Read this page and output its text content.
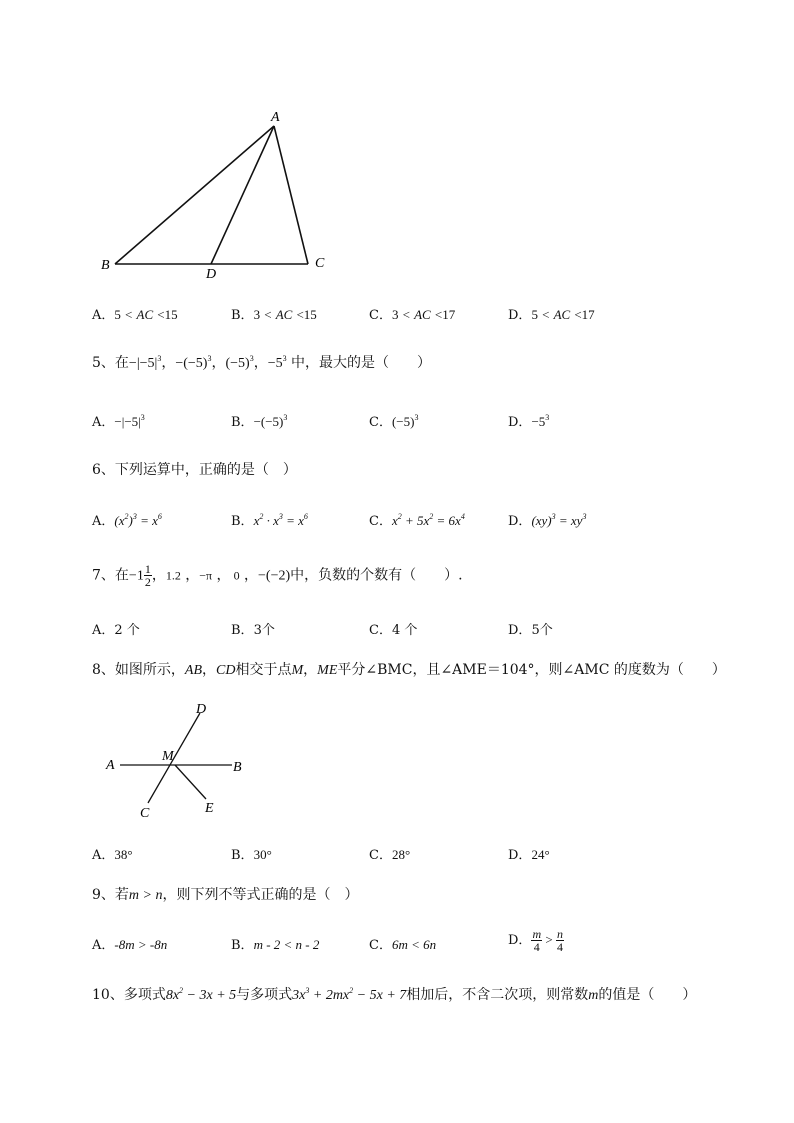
A
B	C
D
A．5 < AC <15	B．3 < AC <15	C．3 < AC <17	D．5 < AC <17
5、在$-|-5|^3$，$-(-5)^3$，$(-5)^3$，$-5^3$ 中，最大的是（　　）
A．$-|-5|^3$	B．$-(-5)^3$	C．$(-5)^3$	D．$-5^3$
6、下列运算中，正确的是（　）
A．$(x^2)^3 = x^6$	B．$x^2 \cdot x^3 = x^6$	C．$x^2 + 5x^2 = 6x^4$	D．$(xy)^3 = xy^3$
7、在$-1 \frac{1}{2}$ ，1.2 ，−π ， 0 ，−(−2)中，负数的个数有（　　）.
A．2 个	B．3个	C．4 个	D．5个
8、如图所示，AB，CD相交于点M，ME平分∠BMC，且∠AME＝104°，则∠AMC 的度数为（　　）
A	B
C
D
E
M
A．38°	B．30°	C．28°	D．24°
9、若m > n，则下列不等式正确的是（　）
A．-8m > -8n	B．m - 2 < n - 2	C．6m < 6n	D． $\frac{m}{4} > \frac{n}{4}$
10、多项式$8x^2 - 3x + 5$与多项式$3x^3 + 2mx^2 - 5x + 7$相加后，不含二次项，则常数m的值是（　　）
